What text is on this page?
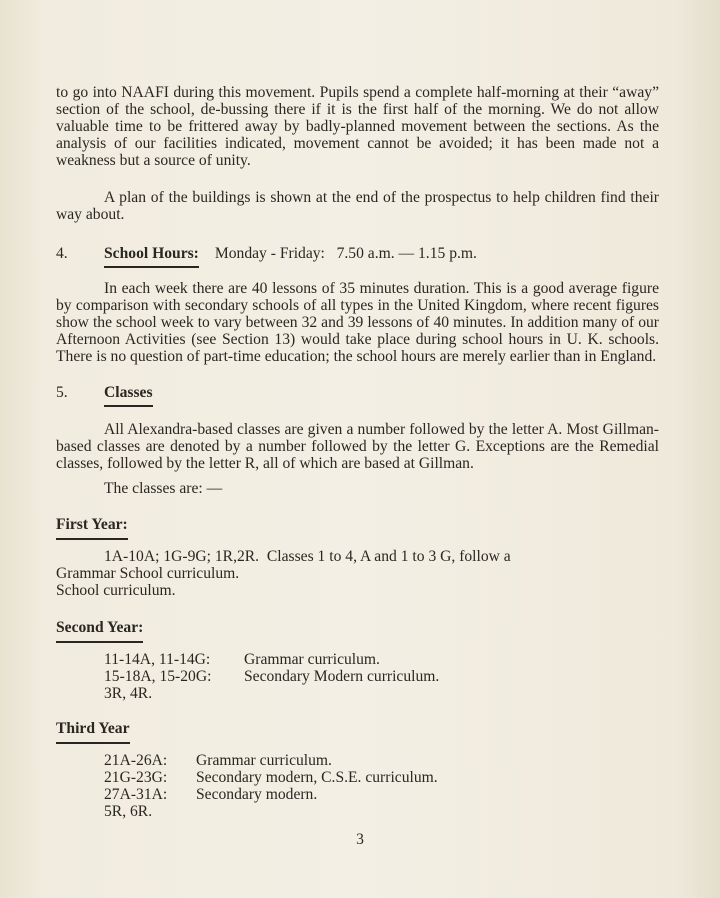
to go into NAAFI during this movement. Pupils spend a complete half-morning at their “away” section of the school, de-bussing there if it is the first half of the morning. We do not allow valuable time to be frittered away by badly-planned movement between the sections. As the analysis of our facilities indicated, movement cannot be avoided; it has been made not a weakness but a source of unity.

A plan of the buildings is shown at the end of the prospectus to help children find their way about.

4.	School Hours: Monday - Friday:   7.50 a.m. — 1.15 p.m.

In each week there are 40 lessons of 35 minutes duration. This is a good average figure by comparison with secondary schools of all types in the United Kingdom, where recent figures show the school week to vary between 32 and 39 lessons of 40 minutes. In addition many of our Afternoon Activities (see Section 13) would take place during school hours in U. K. schools. There is no question of part-time education; the school hours are merely earlier than in England.

5.	Classes

All Alexandra-based classes are given a number followed by the letter A. Most Gillman-based classes are denoted by a number followed by the letter G. Exceptions are the Remedial classes, followed by the letter R, all of which are based at Gillman.

The classes are: —

First Year:

1A-10A; 1G-9G; 1R,2R.  Classes 1 to 4, A and 1 to 3 G, follow a

Grammar School curriculum.

School curriculum.

Second Year:
11-14A, 11-14G:	Grammar curriculum.
15-18A, 15-20G:	Secondary Modern curriculum.
3R, 4R.
Third Year
21A-26A:	Grammar curriculum.
21G-23G:	Secondary modern, C.S.E. curriculum.
27A-31A:	Secondary modern.
5R, 6R.
3
